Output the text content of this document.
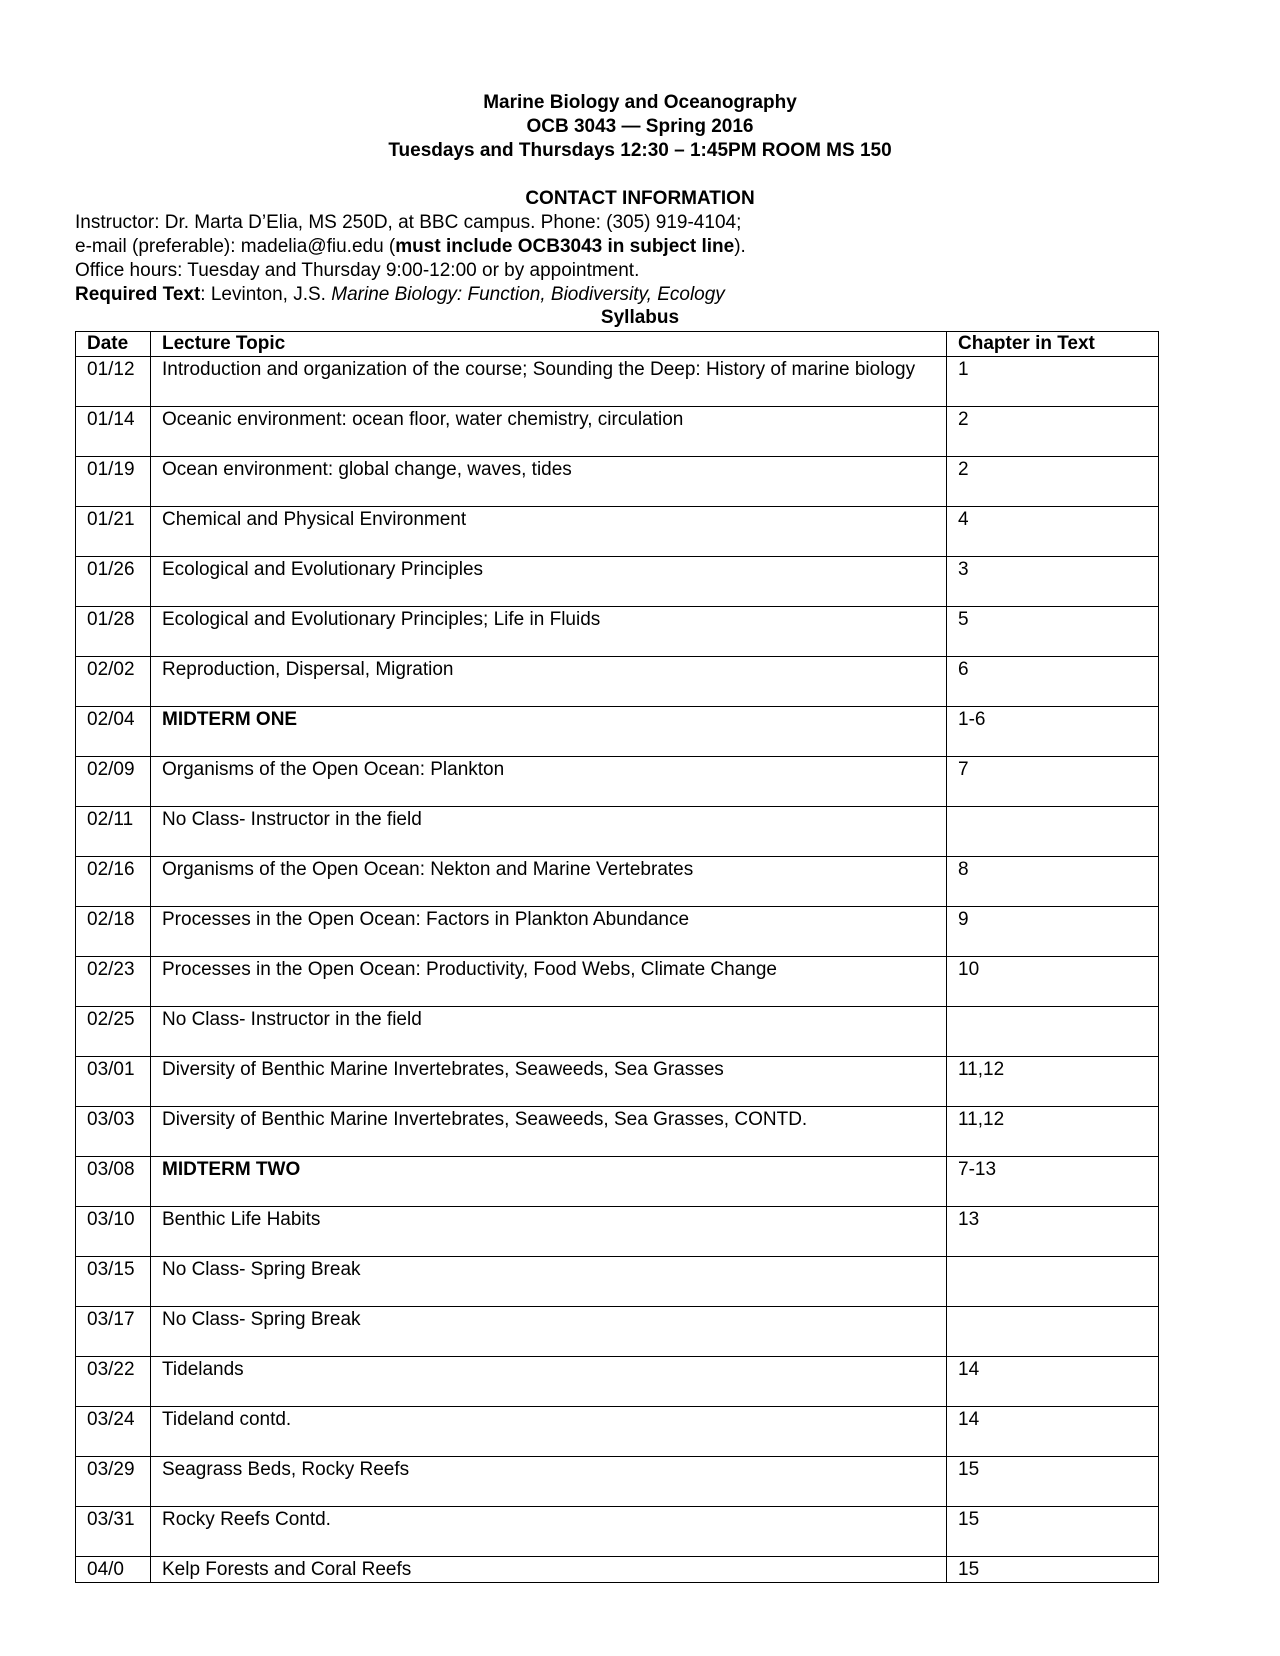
Marine Biology and Oceanography
OCB 3043 — Spring 2016
Tuesdays and Thursdays 12:30 – 1:45PM ROOM MS 150
CONTACT INFORMATION
Instructor: Dr. Marta D’Elia, MS 250D, at BBC campus. Phone: (305) 919-4104;
e-mail (preferable): madelia@fiu.edu (must include OCB3043 in subject line).
Office hours: Tuesday and Thursday 9:00-12:00 or by appointment.
Required Text: Levinton, J.S. Marine Biology: Function, Biodiversity, Ecology
Syllabus
Date	Lecture Topic	Chapter in Text
01/12	Introduction and organization of the course; Sounding the Deep: History of marine biology	1
01/14	Oceanic environment: ocean floor, water chemistry, circulation	2
01/19	Ocean environment: global change, waves, tides	2
01/21	Chemical and Physical Environment	4
01/26	Ecological and Evolutionary Principles	3
01/28	Ecological and Evolutionary Principles; Life in Fluids	5
02/02	Reproduction, Dispersal, Migration	6
02/04	MIDTERM ONE	1-6
02/09	Organisms of the Open Ocean: Plankton	7
02/11	No Class- Instructor in the field	
02/16	Organisms of the Open Ocean: Nekton and Marine Vertebrates	8
02/18	Processes in the Open Ocean: Factors in Plankton Abundance	9
02/23	Processes in the Open Ocean: Productivity, Food Webs, Climate Change	10
02/25	No Class- Instructor in the field	
03/01	Diversity of Benthic Marine Invertebrates, Seaweeds, Sea Grasses	11,12
03/03	Diversity of Benthic Marine Invertebrates, Seaweeds, Sea Grasses, CONTD.	11,12
03/08	MIDTERM TWO	7-13
03/10	Benthic Life Habits	13
03/15	No Class- Spring Break	
03/17	No Class- Spring Break	
03/22	Tidelands	14
03/24	Tideland contd.	14
03/29	Seagrass Beds, Rocky Reefs	15
03/31	Rocky Reefs Contd.	15
04/0	Kelp Forests and Coral Reefs	15
